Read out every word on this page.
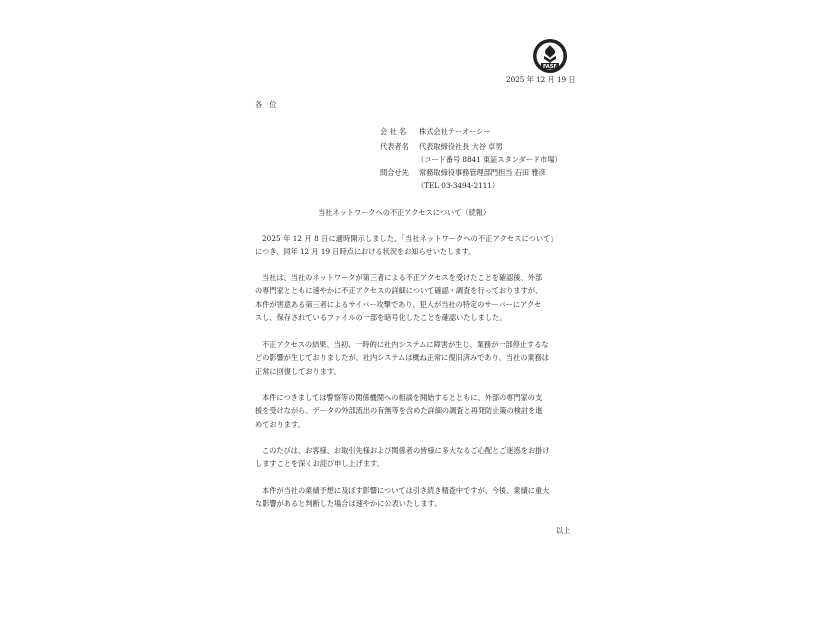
FASF
2025 年 12 月 19 日
各　位
会 社 名 株式会社テーオーシー
代表者名 代表取締役社長 大谷 卓男
（コード番号 8841 東証スタンダード市場）
問合せ先 常務取締役事務管理部門担当 石田 雅彦
（TEL 03-3494-2111）
当社ネットワークへの不正アクセスについて（続報）
2025 年 12 月 8 日に適時開示しました、「当社ネットワークへの不正アクセスについて」
につき、同年 12 月 19 日時点における状況をお知らせいたします。
当社は、当社のネットワークが第三者による不正アクセスを受けたことを確認後、外部
の専門家とともに速やかに不正アクセスの詳細について確認・調査を行っておりますが、
本件が害意ある第三者によるサイバー攻撃であり、犯人が当社の特定のサーバーにアクセ
スし、保存されているファイルの一部を暗号化したことを確認いたしました。
不正アクセスの結果、当初、一時的に社内システムに障害が生じ、業務が一部停止するな
どの影響が生じておりましたが、社内システムは概ね正常に復旧済みであり、当社の業務は
正常に回復しております。
本件につきましては警察等の関係機関への相談を開始するとともに、外部の専門家の支
援を受けながら、データの外部流出の有無等を含めた詳細の調査と再発防止策の検討を進
めております。
このたびは、お客様、お取引先様および関係者の皆様に多大なるご心配とご迷惑をお掛け
しますことを深くお詫び申し上げます。
本件が当社の業績予想に及ぼす影響については引き続き精査中ですが、今後、業績に重大
な影響があると判断した場合は速やかに公表いたします。
以上
